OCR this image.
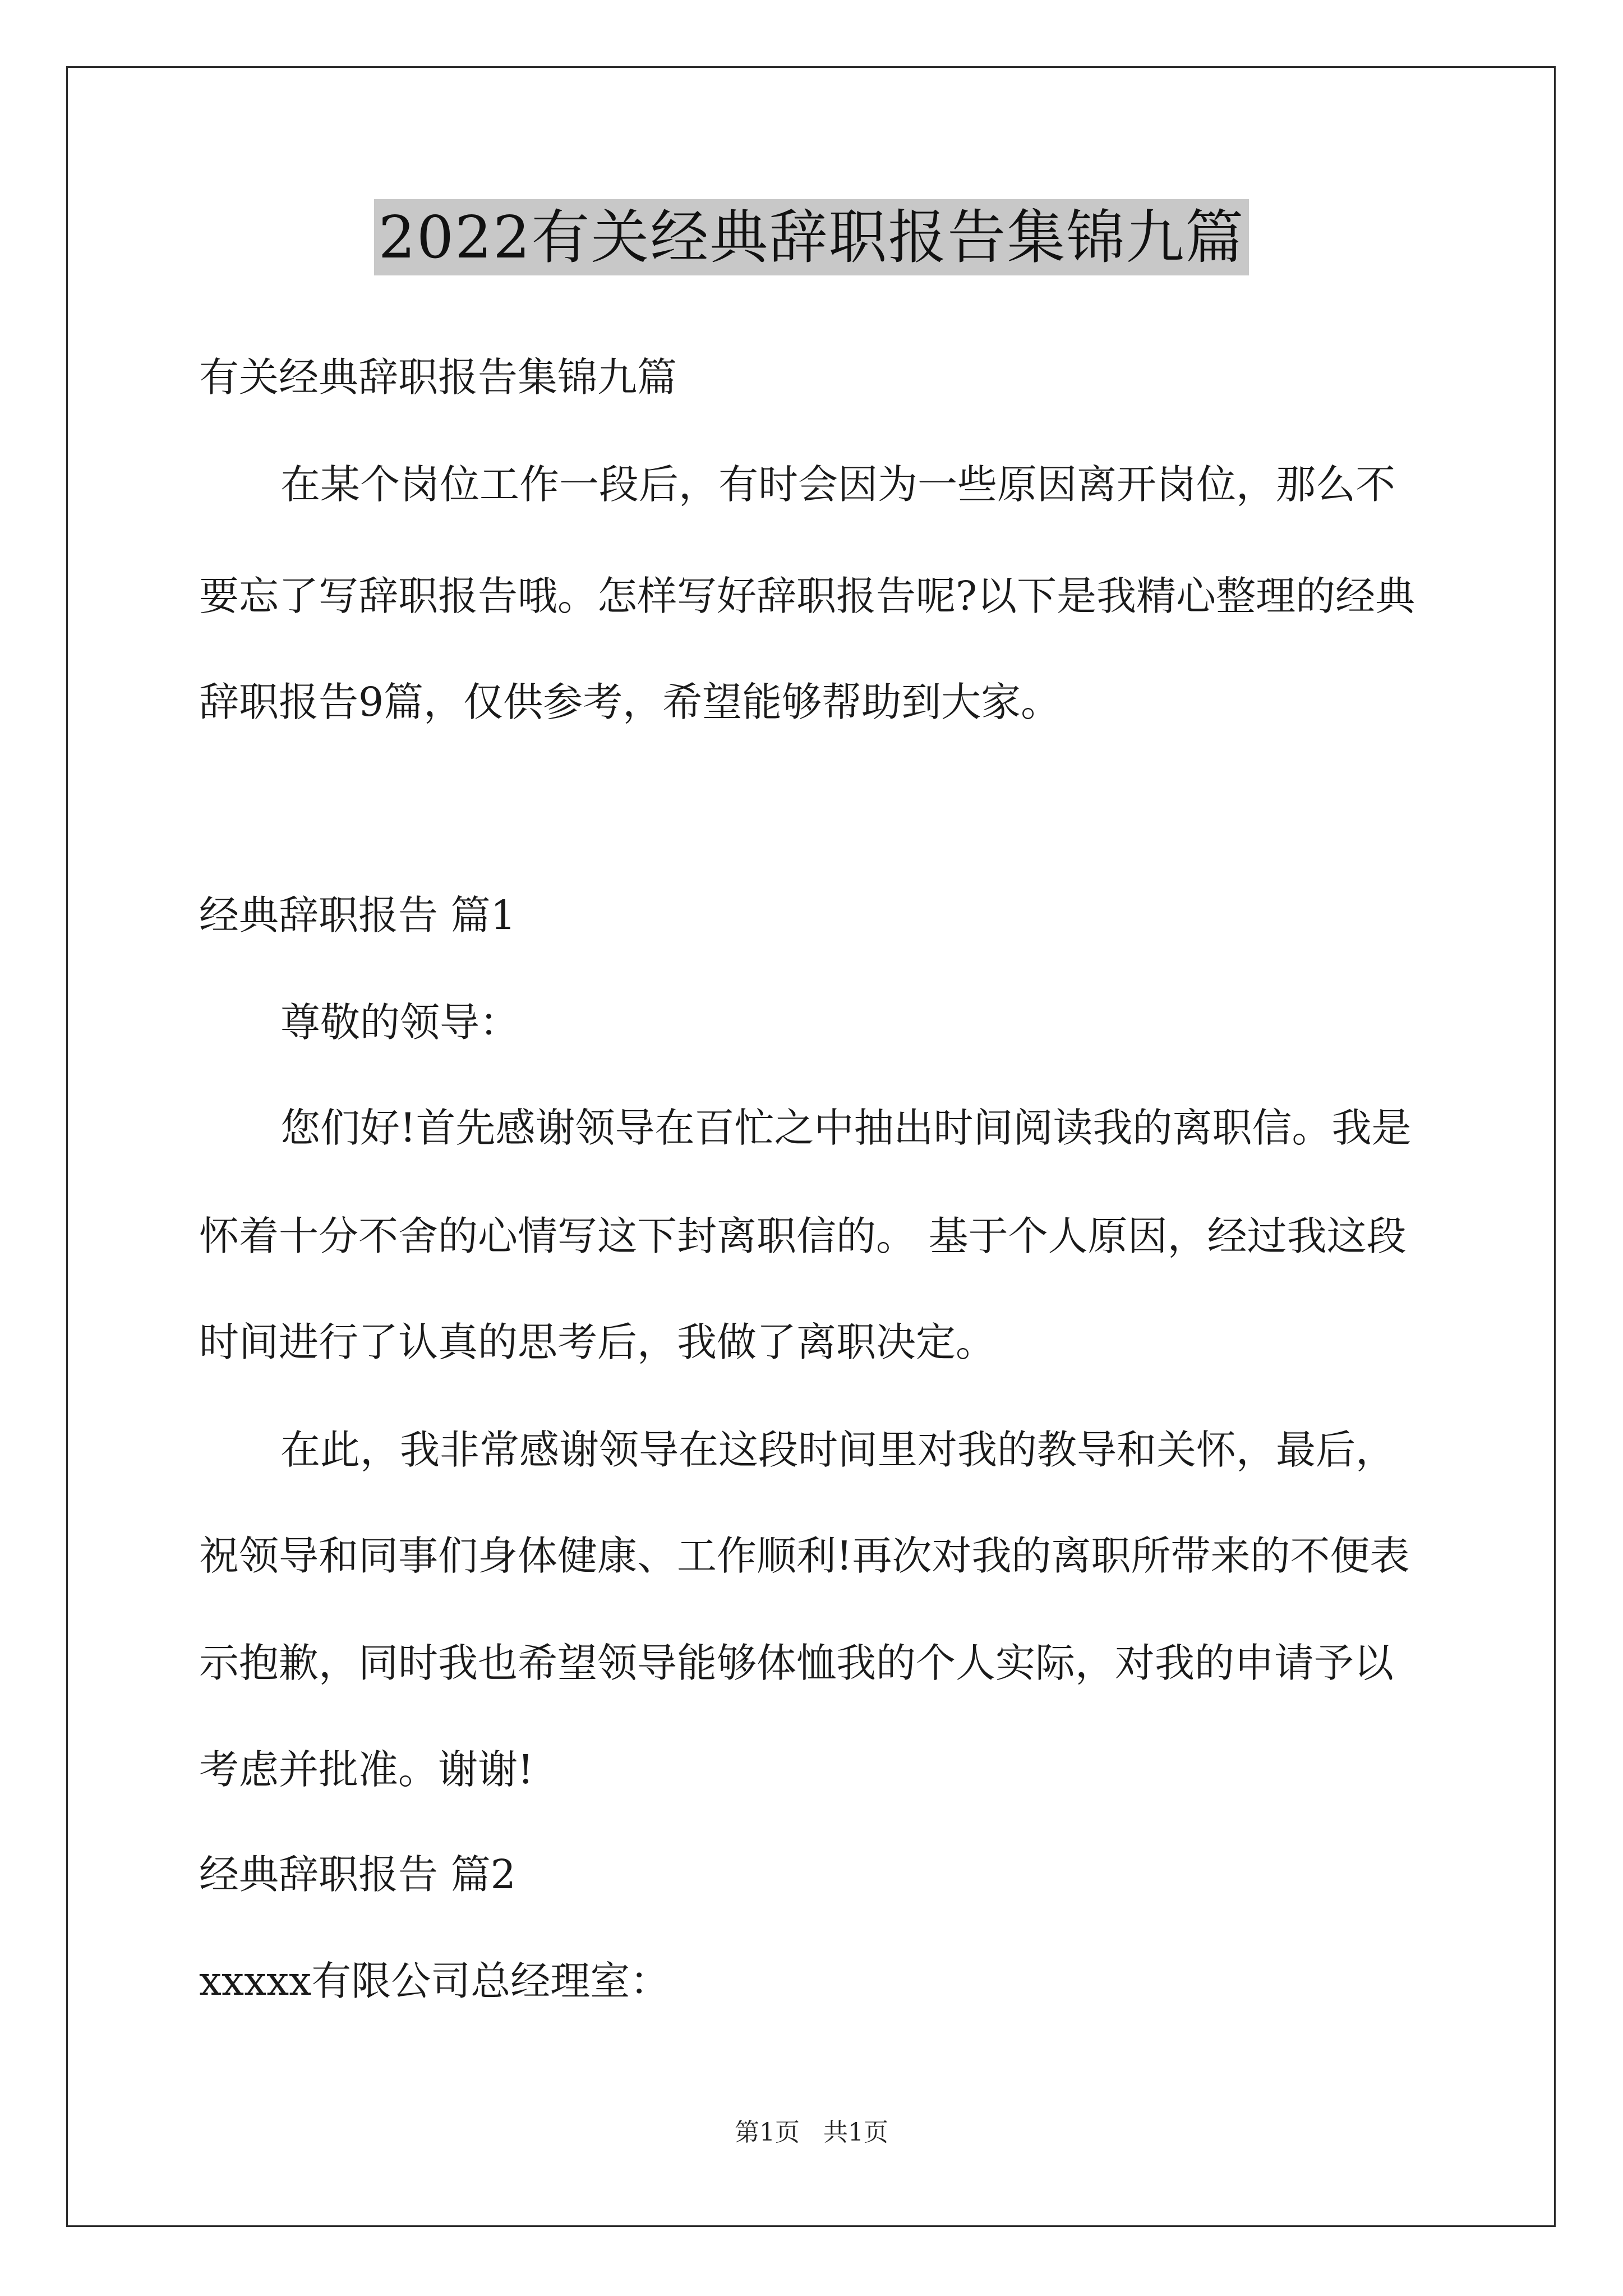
2022有关经典辞职报告集锦九篇
有关经典辞职报告集锦九篇
在某个岗位工作一段后，有时会因为一些原因离开岗位，那么不
要忘了写辞职报告哦。怎样写好辞职报告呢?以下是我精心整理的经典
辞职报告9篇，仅供参考，希望能够帮助到大家。
经典辞职报告 篇1
尊敬的领导：
您们好!首先感谢领导在百忙之中抽出时间阅读我的离职信。我是
怀着十分不舍的心情写这下封离职信的。 基于个人原因，经过我这段
时间进行了认真的思考后，我做了离职决定。
在此，我非常感谢领导在这段时间里对我的教导和关怀，最后，
祝领导和同事们身体健康、工作顺利!再次对我的离职所带来的不便表
示抱歉，同时我也希望领导能够体恤我的个人实际，对我的申请予以
考虑并批准。谢谢!
经典辞职报告 篇2
xxxxx有限公司总经理室：
第1页 共1页
